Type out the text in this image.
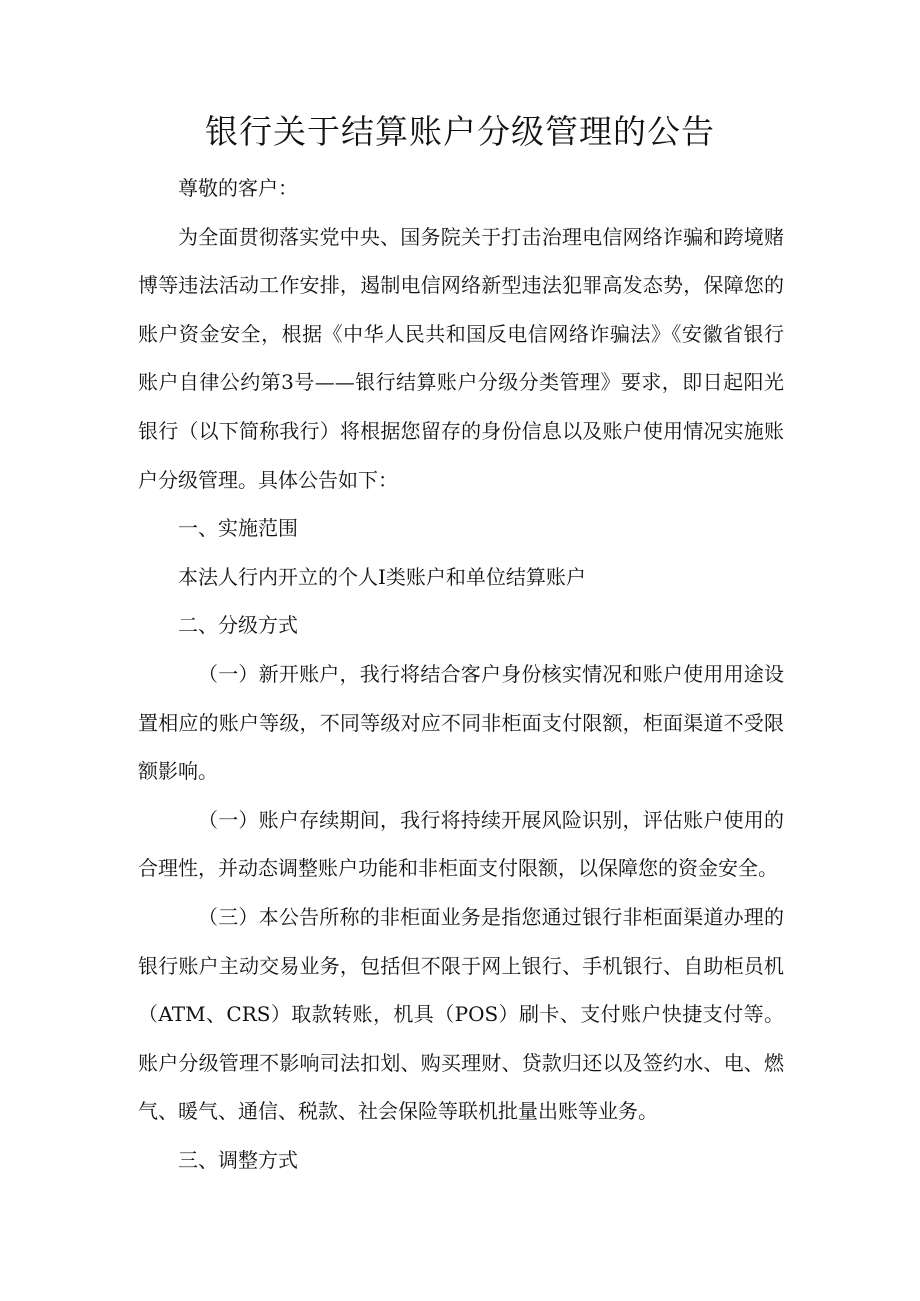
银行关于结算账户分级管理的公告

尊敬的客户：

为全面贯彻落实党中央、国务院关于打击治理电信网络诈骗和跨境赌博等违法活动工作安排，遏制电信网络新型违法犯罪高发态势，保障您的账户资金安全，根据《中华人民共和国反电信网络诈骗法》《安徽省银行账户自律公约第3号——银行结算账户分级分类管理》要求，即日起阳光银行（以下简称我行）将根据您留存的身份信息以及账户使用情况实施账户分级管理。具体公告如下：

一、实施范围

本法人行内开立的个人Ⅰ类账户和单位结算账户

二、分级方式

（一）新开账户，我行将结合客户身份核实情况和账户使用用途设置相应的账户等级，不同等级对应不同非柜面支付限额，柜面渠道不受限额影响。

（一）账户存续期间，我行将持续开展风险识别，评估账户使用的合理性，并动态调整账户功能和非柜面支付限额，以保障您的资金安全。

（三）本公告所称的非柜面业务是指您通过银行非柜面渠道办理的银行账户主动交易业务，包括但不限于网上银行、手机银行、自助柜员机（ATM、CRS）取款转账，机具（POS）刷卡、支付账户快捷支付等。账户分级管理不影响司法扣划、购买理财、贷款归还以及签约水、电、燃气、暖气、通信、税款、社会保险等联机批量出账等业务。

三、调整方式
